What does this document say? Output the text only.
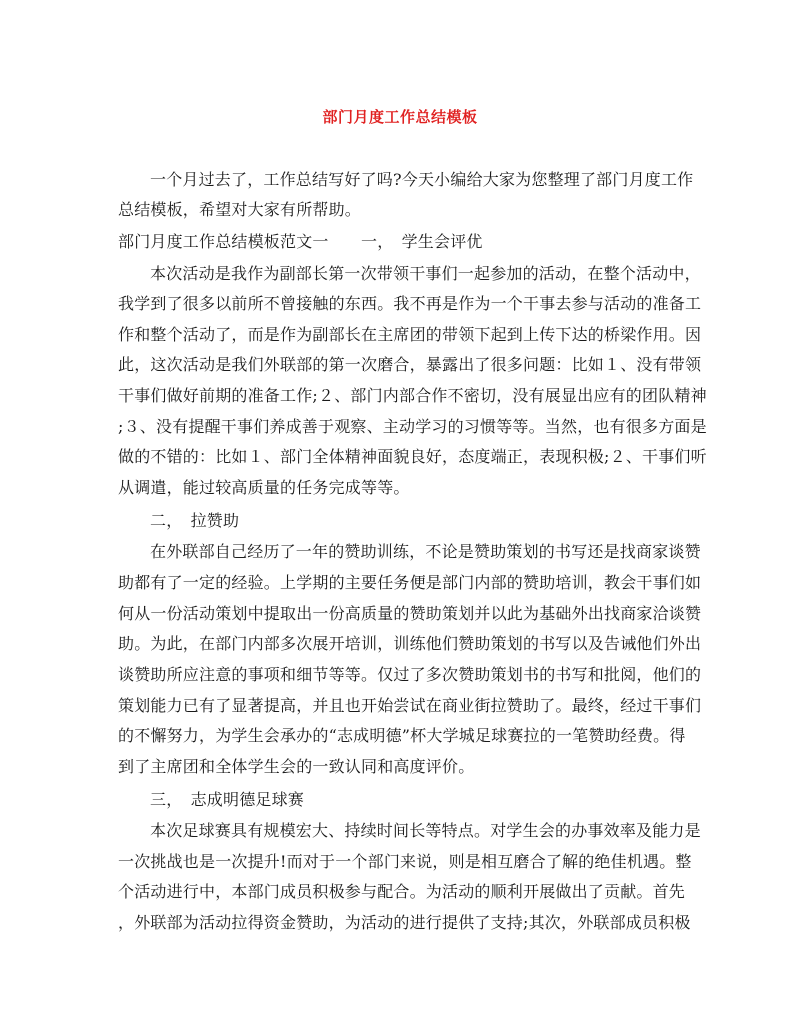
部门月度工作总结模板
一个月过去了，工作总结写好了吗?今天小编给大家为您整理了部门月度工作
总结模板，希望对大家有所帮助。
部门月度工作总结模板范文一　　一，　学生会评优
本次活动是我作为副部长第一次带领干事们一起参加的活动，在整个活动中，
我学到了很多以前所不曾接触的东西。我不再是作为一个干事去参与活动的准备工
作和整个活动了，而是作为副部长在主席团的带领下起到上传下达的桥梁作用。因
此，这次活动是我们外联部的第一次磨合，暴露出了很多问题：比如１、没有带领
干事们做好前期的准备工作;２、部门内部合作不密切，没有展显出应有的团队精神
;３、没有提醒干事们养成善于观察、主动学习的习惯等等。当然，也有很多方面是
做的不错的：比如１、部门全体精神面貌良好，态度端正，表现积极;２、干事们听
从调遣，能过较高质量的任务完成等等。
二，　拉赞助
在外联部自己经历了一年的赞助训练，不论是赞助策划的书写还是找商家谈赞
助都有了一定的经验。上学期的主要任务便是部门内部的赞助培训，教会干事们如
何从一份活动策划中提取出一份高质量的赞助策划并以此为基础外出找商家洽谈赞
助。为此，在部门内部多次展开培训，训练他们赞助策划的书写以及告诫他们外出
谈赞助所应注意的事项和细节等等。仅过了多次赞助策划书的书写和批阅，他们的
策划能力已有了显著提高，并且也开始尝试在商业街拉赞助了。最终，经过干事们
的不懈努力，为学生会承办的“志成明德”杯大学城足球赛拉的一笔赞助经费。得
到了主席团和全体学生会的一致认同和高度评价。
三，　志成明德足球赛
本次足球赛具有规模宏大、持续时间长等特点。对学生会的办事效率及能力是
一次挑战也是一次提升!而对于一个部门来说，则是相互磨合了解的绝佳机遇。整
个活动进行中，本部门成员积极参与配合。为活动的顺利开展做出了贡献。首先
，外联部为活动拉得资金赞助，为活动的进行提供了支持;其次，外联部成员积极
